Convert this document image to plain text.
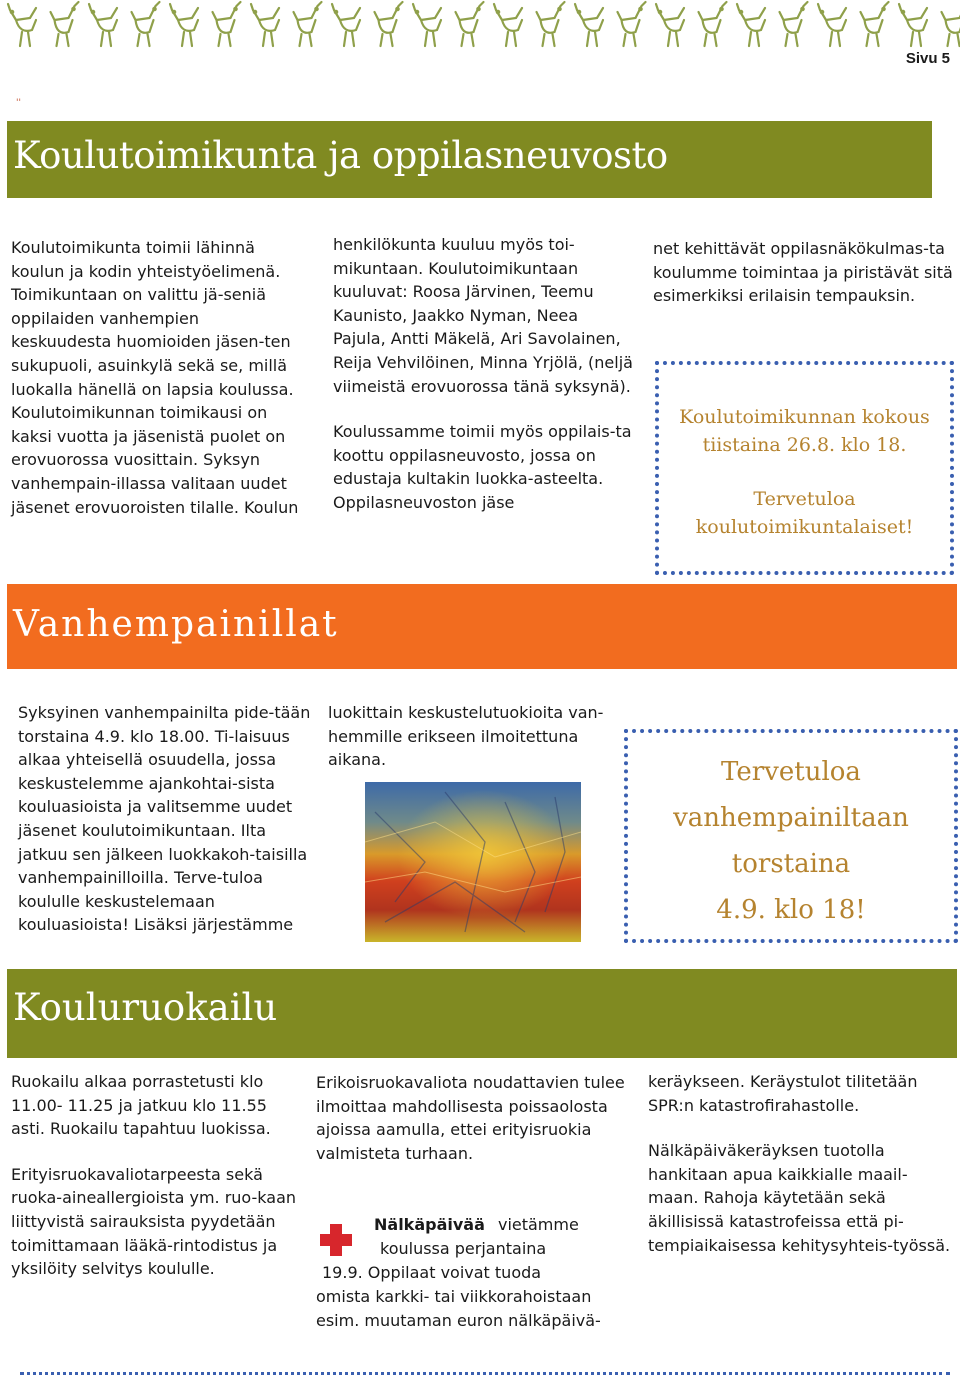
Sivu 5
''
Koulutoimikunta ja oppilasneuvosto

Koulutoimikunta toimii lähinnä koulun ja kodin yhteistyöelimenä. Toimikuntaan on valittu jä-seniä oppilaiden vanhempien keskuudesta huomioiden jäsen-ten sukupuoli, asuinkylä sekä se, millä luokalla hänellä on lapsia koulussa. Koulutoimikunnan toimikausi on kaksi vuotta ja jäsenistä puolet on erovuorossa vuosittain. Syksyn vanhempain-illassa valitaan uudet jäsenet erovuoroisten tilalle. Koulun

henkilökunta kuuluu myös toi-mikuntaan. Koulutoimikuntaan kuuluvat: Roosa Järvinen, Teemu Kaunisto, Jaakko Nyman, Neea Pajula, Antti Mäkelä, Ari Savolainen, Reija Vehvilöinen, Minna Yrjölä, (neljä viimeistä erovuorossa tänä syksynä).

Koulussamme toimii myös oppilais-ta koottu oppilasneuvosto, jossa on edustaja kultakin luokka-asteelta. Oppilasneuvoston jäse

net kehittävät oppilasnäkökulmas-ta koulumme toimintaa ja piristävät sitä esimerkiksi erilaisin tempauksin.

Koulutoimikunnan kokous
tiistaina 26.8. klo 18.
Tervetuloa
koulutoimikuntalaiset!
Vanhempainillat

Syksyinen vanhempainilta pide-tään torstaina 4.9. klo 18.00. Ti-laisuus alkaa yhteisellä osuudella, jossa keskustelemme ajankohtai-sista kouluasioista ja valitsemme uudet jäsenet koulutoimikuntaan. Ilta jatkuu sen jälkeen luokkakoh-taisilla vanhempainilloilla. Terve-tuloa koululle keskustelemaan kouluasioista! Lisäksi järjestämme

luokittain keskustelutuokioita van-hemmille erikseen ilmoitettuna aikana.	Tervetuloa
vanhempainiltaan
torstaina
4.9. klo 18!
Kouluruokailu

Ruokailu alkaa porrastetusti klo 11.00- 11.25 ja jatkuu klo 11.55 asti. Ruokailu tapahtuu luokissa.

Erityisruokavaliotarpeesta sekä ruoka-aineallergioista ym. ruo-kaan liittyvistä sairauksista pyydetään toimittamaan lääkä-rintodistus ja yksilöity selvitys koululle.

Erikoisruokavaliota noudattavien tulee ilmoittaa mahdollisesta poissaolosta ajoissa aamulla, ettei erityisruokia valmisteta turhaan.

Nälkäpäivää vietämme
koulussa perjantaina
19.9. Oppilaat voivat tuoda
omista karkki- tai viikkorahoistaan
esim. muutaman euron nälkäpäivä-

keräykseen. Keräystulot tilitetään SPR:n katastrofirahastolle.

Nälkäpäiväkeräyksen tuotolla hankitaan apua kaikkialle maail-maan. Rahoja käytetään sekä äkillisissä katastrofeissa että pi-tempiaikaisessa kehitysyhteis-työssä.
